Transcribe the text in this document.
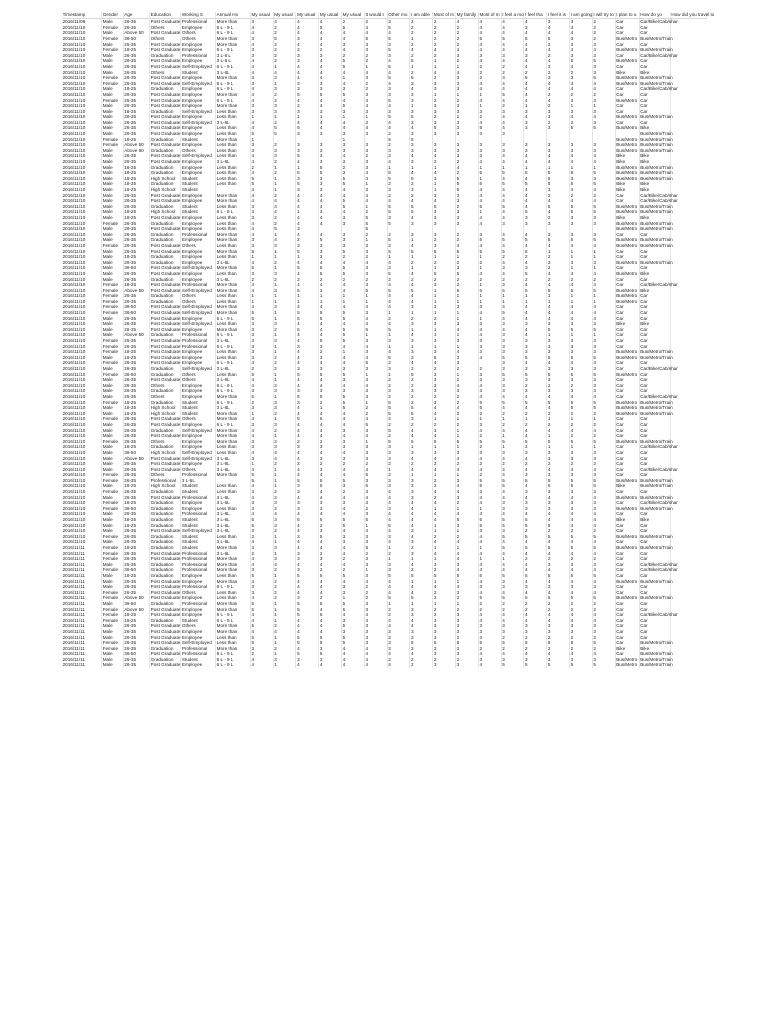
Timestamp	Gender	Age	Education	Working S	Annual Ho	My usual	My usual	My usual	My usual	My usual	It would t	Other mo	I am able	Most of m	My family	Most of m	I feel a mo	I feel tha	I feel it is	I am going	I will try to	I plan to u	How do yo	How did you travel to
2016/11/09	Male	26-35	Post Graduate	Professional	More than	3	4	4	4	2	2	3	2	2	4	4	4	4	3	3	2	Car	Car/Bike/Cab/shar	
2016/11/10	Female	26-35	Others	Employee	6 L - 9 L	4	2	4	5	5	4	5	2	2	2	4	4	3	4	4	2	Car	Car	
2016/11/10	Male	Above 50	Post Graduate	Others	6 L - 9 L	4	2	4	4	4	4	4	2	2	2	4	4	4	4	4	2	Car	Car	
2016/11/10	Female	36-50	Others	Others	More than	3	5	3	4	4	5	5	1	2	2	5	5	5	5	3	2	Bus/Metro	Bus/Metro/Train	
2016/11/10	Male	26-35	Post Graduate	Employee	More than	4	2	4	4	3	3	3	2	2	2	4	4	4	2	3	3	Car	Car	
2016/11/10	Female	18-25	Post Graduate	Employee	6 L - 9 L	3	2	2	2	4	3	5	4	4	4	4	4	4	4	4	4	Bus/Metro	Bus/Metro/Train	
2016/11/10	Male	26-35	Graduation	Professional	3 L-6 L	3	2	3	3	2	2	3	2	2	3	3	3	3	2	3	3	Car	Car/Bike/Cab/shar	
2016/11/10	Male	26-35	Post Graduate	Employee	3 L-6 L	4	2	3	4	5	2	4	5	1	2	4	4	4	4	5	5	Bus/Metro	Car	
2016/11/10	Male	26-35	Post Graduate	Self-Employed	6 L - 9 L	4	1	4	4	5	1	5	1	1	1	2	2	4	3	4	3	Car	Car	
2016/11/10	Male	26-35	Others	Student	3 L-6L	4	4	4	4	4	4	4	2	4	4	2	2	2	2	2	3	Bike	Bike	
2016/11/10	Female	26-35	Post Graduate	Employee	More than	3	2	4	4	1	3	5	5	2	3	2	3	5	3	3	5	Bus/Metro	Bus/Metro/Train	
2016/11/10	Female	26-35	Post Graduate	Self-Employed	6 L - 9 L	3	1	3	3	4	2	4	3	3	3	4	4	4	4	4	4	Bus/Metro	Bus/Metro/Train	
2016/11/10	Male	18-25	Graduation	Employee	6 L - 9 L	4	3	3	3	3	2	3	4	3	3	4	4	4	4	4	4	Car	Car/Bike/Cab/shar	
2016/11/10	Male	26-35	Post Graduate	Employee	More than	4	2	5	5	5	3	3	3	1	1	1	5	4	2	2	2	Car	Car	
2016/11/10	Female	26-35	Post Graduate	Employee	6 L - 9 L	4	2	4	4	4	4	5	3	2	2	4	4	4	4	3	3	Bus/Metro	Car	
2016/11/10	Male	26-35	Post Graduate	Employee	More than	3	3	2	4	5	4	4	1	3	3	1	2	1	2	1	1	Car	Car	
2016/11/10	Male	18-25	Graduation	Self-Employed	Less than	3	3	3	3	3	3	3	3	3	3	3	3	3	3	3	3	Car	Car	
2016/11/10	Male	26-35	Post Graduate	Employee	Less than	1	1	1	1	1	1	5	5	2	1	2	4	4	3	4	4	Bus/Metro	Bus/Metro/Train	
2016/11/10	Male	26-35	Post Graduate	Self-Employed	3 L-6L	4	2	4	4	4	2	4	3	3	3	4	4	3	2	2	3	Car	Car	
2016/11/10	Male	26-35	Post Graduate	Employee	Less than	4	5	5	4	4	4	4	4	5	3	5	4	3	3	5	5	Bus/Metro	Bike	
2016/11/10	Male	26-35	Post Graduate	Employee	Less than	5	5	3	3	3	3	2	3	3	3	3	3						Bus/Metro/Train	
2016/11/10	Female	18-25	Graduation	Student	More than	1				1		5	5									Bus/Metro	Bus/Metro/Train	
2016/11/10	Female	Above 50	Post Graduate	Employee	Less than	3	2	3	3	3	3	2	3	3	3	3	3	3	3	3	3	Bus/Metro	Bus/Metro/Train	
2016/11/10	Male	Above 50	Graduation	Others	Less than	3	3	3	3	3	3	3	3	3	3	3	3	3	3	3	3	Bus/Metro	Bus/Metro/Train	
2016/11/10	Male	26-35	Post Graduate	Self-Employed	Less than	4	3	5	3	4	2	3	4	4	3	3	4	4	4	4	4	Bike	Bike	
2016/11/10	Male	26-35	Post Graduate	Employee	3 L-6L	4	2	4	3	3	3	4	3	2	2	4	4	4	4	4	4	Bike	Bike	
2016/11/10	Male	18-25	Graduation	Employee	Less than	2	1	1	5	2	3	1	1	1	4	1	1	1	1	1	1	Bus/Metro	Bus/Metro/Train	
2016/11/10	Male	18-25	Graduation	Employee	Less than	4	2	5	5	3	4	5	4	4	2	5	5	5	5	5	5	Bus/Metro	Bus/Metro/Train	
2016/11/10	Male	18-25	High School	Student	Less than	5	1	3	3	5	3	5	5	3	5	1	4	4	5	3	3	Bus/Metro	Bus/Metro/Train	
2016/11/10	Male	18-25	Graduation	Student	Less than	5	1	5	3	5	1	2	2	1	5	5	5	5	5	5	5	Bike	Bike	
2016/11/10	Male	18-25	High School	Student		4	1	3	3	4	3	3	3	1	5	4	4	4	3	4	4	Bike	Bike	
2016/11/10	Male	26-35	Post Graduate	Employee	More than	4	2	4	4	4	4	2	2	3	3	4	4	4	2	2	2	Car	Car/Bike/Cab/shar	
2016/11/10	Male	26-35	Post Graduate	Employee	More than	4	4	4	4	5	4	4	4	4	3	4	4	4	4	4	4	Car	Car/Bike/Cab/shar	
2016/11/10	Male	26-35	Graduation	Student	Less than	3	4	4	4	5	1	5	5	5	2	5	5	4	5	5	5	Bus/Metro	Bus/Metro/Train	
2016/11/10	Male	18-25	High School	Student	6 L - 9 L	3	4	1	3	4	2	5	5	3	3	1	4	5	4	5	5	Bus/Metro	Bus/Metro/Train	
2016/11/10	Male	18-25	Post Graduate	Employee	Less than	3	2	4	4	3	5	3	4	3	3	4	4	3	2	3	3	Bike	Bike	
2016/11/10	Female	26-35	Graduation	Employee	Less than	4	2	4	4	3	5	5	3	3	3	4	3	3	3	3	3	Bus/Metro	Bus/Metro/Train	
2016/11/10	Male	26-35	Post Graduate	Employee	Less than	4	5	3			5											Bus/Metro	Bus/Metro/Train	
2016/11/10	Male	26-35	Graduation	Professional	More than	4	1	4	4	3	2	2	3	3	2	3	4	4	3	3	3	Car	Car	
2016/11/10	Male	26-35	Graduation	Employee	More than	3	4	2	5	3	1	5	1	2	2	5	5	5	5	5	5	Bus/Metro	Bus/Metro/Train	
2016/11/10	Female	26-35	Post Graduate	Others	Less than	3	3	3	3	3	3	3	4	3	4	4	4	4	4	4	4	Bus/Metro	Bus/Metro/Train	
2016/11/10	Male	26-35	Post Graduate	Employee	More than	5	1	5	3	5	3	5	5	5	5	5	5	5	1	1	1	Car	Car	
2016/11/10	Male	18-25	Graduation	Employee	Less than	1	1	1	3	2	2	1	1	1	1	1	2	2	2	1	1	Car	Car	
2016/11/10	Male	26-35	Graduation	Employee	3 L-6L	4	2	4	4	4	4	4	2	2	2	2	4	4	3	3	3	Bus/Metro	Bus/Metro/Train	
2016/11/10	Male	36-50	Post Graduate	Self-Employed	More than	5	1	5	5	5	3	3	1	1	3	1	3	3	2	1	1	Car	Car	
2016/11/10	Male	26-35	Post Graduate	Employee	Less than	3	3	4	5	5	3	5	4	5	5	4	4	5	4	4	4	Bus/Metro	Bike	
2016/11/10	Male	26-35	Graduation	Employee	3 L-6L	2	2	2	2	2	2	2	2	2	2	2	2	2	2	2	2	Car	Car	
2016/11/10	Female	18-25	Post Graduate	Professional	More than	4	1	4	4	4	3	4	4	3	2	1	3	4	4	4	4	Car	Car/Bike/Cab/shar	
2016/11/10	Female	Above 50	Post Graduate	Self-Employed	More than	4	3	5	3	4	5	5	5	1	5	5	5	5	5	5	5	Bus/Metro	Bike	
2016/11/10	Female	26-35	Graduation	Others	Less than	1	1	1	1	1	1	4	4	1	1	1	1	1	1	1	1	Bus/Metro	Car	
2016/11/10	Female	26-35	Graduation	Others	Less than	1	1	1	1	1	1	4	4	1	1	1	1	1	1	1	1	Bus/Metro	Car	
2016/11/10	Female	36-50	Post Graduate	Self-Employed	More than	4	3	4	4	4	4	4	3	3	3	3	4	4	4	4	4	Car	Car	
2016/11/10	Female	36-50	Post Graduate	Self-Employed	More than	5	1	5	5	5	3	1	1	1	1	4	5	4	4	4	4	Car	Car	
2016/11/10	Male	26-35	Post Graduate	Employee	6 L - 9 L	5	1	5	5	5	4	2	2	2	1	1	4	4	4	4	4	Car	Car	
2016/11/10	Male	26-35	Post Graduate	Self-Employed	Less than	3	3	4	4	4	4	4	3	3	3	3	3	3	3	3	3	Bike	Bike	
2016/11/10	Male	26-35	Post Graduate	Employee	More than	3	2	5	4	5	5	5	1	1	4	4	4	4	5	5	5	Car	Car	
2016/11/10	Male	Above 50	Graduation	Professional	6 L - 9 L	3	1	4	4	5	1	1	4	1	1	4	3	4	1	1	1	Car	Car	
2016/11/10	Female	26-35	Post Graduate	Professional	3 L-6L	3	3	4	5	5	3	3	3	3	3	3	3	3	3	3	3	Car	Car	
2016/11/10	Female	26-35	Post Graduate	Professional	6 L - 9 L	3	1	3	3	4	4	1	1	1	1	3	3	3	3	3	3	Car	Car	
2016/11/10	Female	18-25	Post Graduate	Employee	Less than	3	1	4	2	1	3	4	3	3	4	3	3	3	3	3	3	Bus/Metro	Bus/Metro/Train	
2016/11/10	Male	18-25	Post Graduate	Employee	Less than	3	2	4	3	4	4	5	3	5	3	4	5	5	5	5	5	Bus/Metro	Bus/Metro/Train	
2016/11/10	Female	26-35	Post Graduate	Employee	6 L - 9 L	4	2	4	4	4	5	2	4	4	3		3	4	4	4	4	Car	Car	
2016/11/10	Male	26-35	Graduation	Self-Employed	3 L-6L	2	2	3	3	3	3	3	2	2	2	2	3	3	3	3	3	Car	Car/Bike/Cab/shar	
2016/11/10	Female	36-50	Graduation	Others	Less than	5	1	5	5	5	1	1	5	3	1	3	5	5	5	5	5	Bus/Metro	Car	
2016/11/10	Male	26-35	Post Graduate	Others	3 L-6L	4	1	4	4	3	3	2	2	3	2	3	3	3	3	3	3	Car	Car	
2016/11/10	Male	26-35	Others	Employee	6 L - 9 L	4	2	4	4	4	4	2	2	3	4	4	3	2	2	2	3	Car	Car	
2016/11/10	Male	26-35	Graduation	Employee	6 L - 9 L	3	3	3	3	3	3	3	3	3	3	3	3	3	3	3	3	Car	Car	
2016/11/10	Male	26-35	Others	Employee	More than	5	1	5	5	5	3	2	2	2	2	4	4	4	4	4	4	Car	Car/Bike/Cab/shar	
2016/11/10	Female	18-25	Graduation	Student	6 L - 9 L	2	3	3	2	5	1	5	2	3	2	5	5	5	5	5	5	Bus/Metro	Bus/Metro/Train	
2016/11/10	Male	18-25	High School	Student	3 L-6L	3	3	4	1	5	2	5	5	4	4	5	4	4	4	5	5	Bus/Metro	Bus/Metro/Train	
2016/11/10	Male	18-25	High School	Student	More than	1	2	4	4	4	2	5	5	4	2	2	2	2	2	2	2	Bus/Metro	Bus/Metro/Train	
2016/11/10	Female	26-35	Post Graduate	Others	More than	4	1	5	5	4	4	4	3	1	1	1	1	1	1	1	1	Car	Car	
2016/11/10	Male	26-35	Post Graduate	Employee	6 L - 9 L	3	3	4	4	4	5	2	2	2	2	3	2	2	2	2	2	Car	Car	
2016/11/10	Male	26-35	Graduation	Self-Employed	More than	4	2	4	4	3	3	5	4	1	1	4	4	4	4	4	4	Car	Car	
2016/11/10	Male	26-35	Post Graduate	Employee	More than	4	1	4	4	4	4	2	4	4	1	2	1	4	1	2	2	Car	Car	
2016/11/10	Female	26-35	Others	Employee	More than	3	2	2	2	3	1	5	5	5	5	5	5	5	5	5	5	Bus/Metro	Bus/Metro/Train	
2016/11/10	Male	18-25	Graduation	Employee	Less than	3	3	3	3	3	3	3	1	1	1	2	1	2	1	1	1	Car	Car/Bike/Cab/shar	
2016/11/10	Male	36-50	High School	Self-Employed	Less than	4	4	4	4	4	3	3	3	3	3	3	3	3	3	3	3	Car	Car	
2016/11/10	Male	Above 50	Post Graduate	Self-Employed	3 L-6L	3	4	4	3	3	3	3	4	4	4	4	4	4	3	3	3	Car	Car	
2016/11/10	Male	26-35	Post Graduate	Employee	3 L-6L	1	2	2	2	2	2	2	2	2	2	2	2	2	2	2	2	Car	Car	
2016/11/10	Male	26-35	Post Graduate	Others	3 L-6L	4	1	4	3	4	4	1	4	4	4	4	4	4	4	4	4	Car	Car/Bike/Cab/shar	
2016/11/10	Female	26-35	Others	Professional	More than	5	1	4	4	4	5	2	1	1	1	2	4	3	3	3	3	Car	Car	
2016/11/10	Female	26-35	Professional	3 L-6L		5	1	5	5	5	3	3	3	3	3	5	5	5	5	5	5	Bus/Metro	Bus/Metro/Train	
2016/11/10	Male	18-25	High School	Student	Less than	4	1	3	5	3	5	3	3	2	4	5	5	4	5	5	5	Bike	Bus/Metro/Train	
2016/11/10	Female	26-35	Graduation	Student	Less than	3	2	3	4	2	3	4	3	4	4	3	4	3	3	3	3	Car	Car	
2016/11/10	Male	26-35	Post Graduate	Professional	3 L-6L	4	2	4	4	4	4	4	3	2	3	4	4	4	4	4	4	Bus/Metro	Bus/Metro/Train	
2016/11/10	Female	18-25	Graduation	Employee	3 L-6L	3	3	3	3	3	3	4	4	4	2	4	3	3	3	3	3	Car	Car/Bike/Cab/shar	
2016/11/10	Female	36-50	Graduation	Employee	Less than	3	2	3	3	4	2	3	4	1	1	1	3	3	3	3	3	Bus/Metro	Bus/Metro/Train	
2016/11/10	Male	26-35	Graduation	Professional	3 L-6L	4	4	4	4	4	3	4	4	4	4	4	4	4	4	4	4	Car	Car	
2016/11/10	Male	18-25	Graduation	Student	3 L-6L	5	3	5	5	5	5	4	4	4	5	5	5	5	4	4	4	Bike	Bike	
2016/11/10	Male	18-25	Graduation	Student	3 L-6L	5	3	4	2	5	1	5	4	1	3	5	5	5	5	4	4	Car	Car	
2016/11/10	Male	26-35	Post Graduate	Self-Employed	3 L-6L	3	2	4	3	4	4	4	3	1	1	3	3	2	2	2	2	Car	Car	
2016/11/10	Female	26-35	Graduation	Student	Less than	2	1	3	5	3	3	3	4	2	2	4	5	5	5	5	5	Bus/Metro	Bus/Metro/Train	
2016/11/10	Male	26-35	Graduation	Student	3 L-6L	4	1	4	4	3	3	4	3	4	4	4	4	4	4	4	4	Car	Car	
2016/11/11	Female	18-25	Graduation	Student	More than	3	3	4	4	4	5	1	2	1	1	1	5	5	5	5	5	Bus/Metro	Bus/Metro/Train	
2016/11/11	Female	26-35	Post Graduate	Professional	3 L-6L	2	1	3	2	4	2	2	3	4	4	4	4	4	4	4	4	Car	Car	
2016/11/11	Female	26-35	Post Graduate	Professional	More than	4	3	3	3	2	3	1	1	1	4	1	1	2	2	2	2	Car	Car	
2016/11/11	Male	26-35	Graduation	Professional	More than	4	4	4	4	4	3	3	4	3	3	4	4	4	3	3	3	Car	Car/Bike/Cab/shar	
2016/11/11	Female	36-50	Graduation	Professional	More than	3	2	3	2	2	1	3	2	2	4	4	4	4	4	4	4	Car	Car/Bike/Cab/shar	
2016/11/11	Male	18-25	Graduation	Employee	Less than	5	1	5	5	5	3	5	5	5	5	5	5	5	5	5	5	Car	Car	
2016/11/11	Male	26-35	Post Graduate	Employee	More than	4	2	4	4	4	4	4	1	1	1	4	3	4	4	4	4	Bus/Metro	Bus/Metro/Train	
2016/11/11	Male	26-35	Post Graduate	Professional	6 L - 9 L	3	2	4	4	3	2	4	4	4	4	3	3	3	3	3	3	Car	Car	
2016/11/11	Female	26-35	Post Graduate	Others	Less than	3	2	4	4	3	2	4	4	3	3	4	4	4	4	4	4	Car	Car	
2016/11/11	Female	Above 50	Post Graduate	Employee	Less than	4	2	3	2	1	2	5	5	2	2	5	5	5	5	5	5	Bus/Metro	Bus/Metro/Train	
2016/11/11	Male	36-50	Graduation	Professional	More than	5	1	5	5	5	3	1	1	1	1	2	2	2	2	2	2	Car	Car	
2016/11/11	Female	Above 50	Post Graduate	Employee	More than	5	1	5	4	5	3	2	3	2	2	2	2	2	2	2	2	Car	Car	
2016/11/11	Female	18-25	Post Graduate	Employee	6 L - 9 L	4	1	5	5	4	4	2	3	2	3	4	4	4	4	4	4	Car	Car/Bike/Cab/shar	
2016/11/11	Female	18-25	Graduation	Student	6 L - 9 L	4	1	4	4	3	4	4	4	3	3	4	4	4	4	4	4	Car	Car	
2016/11/11	Male	26-35	Post Graduate	Others	More than	5	2	4	4	5	3	4	4	3	3	3	3	3	3	3	3	Car	Car	
2016/11/11	Male	26-35	Post Graduate	Employee	More than	4	4	4	4	3	3	3	3	3	3	3	3	3	3	3	3	Car	Car	
2016/11/11	Male	26-35	Post Graduate	Employee	Less than	5	1	5	5	5	3	3	3	3	2	3	2	2	2	2	2	Car	Car	
2016/11/11	Female	26-35	Post Graduate	Self-Employed	Less than	5	1	5	5	5	3	3	5	5	5	5	5	5	5	5	5	Car	Bus/Metro/Train	
2016/11/11	Female	26-35	Graduation	Professional	More than	3	2	4	3	4	4	3	3	3	3	2	2	2	2	2	2	Bike	Bike	
2016/11/11	Male	36-50	Post Graduate	Professional	6 L - 9 L	2	1	5	5	4	4	4	4	3	3	4	4	4	4	4	4	Car	Bus/Metro/Train	
2016/11/11	Male	26-35	Graduation	Student	6 L - 9 L	4	3	3	3	4	4	2	2	2	2	3	3	3	3	3	3	Bus/Metro	Bus/Metro/Train	
2016/11/11	Male	26-35	Post Graduate	Employee	6 L - 9 L	4	1	4	4	4	4	4	2	3	3	4	5	5	5	5	5	Bus/Metro	Bus/Metro/Train	
